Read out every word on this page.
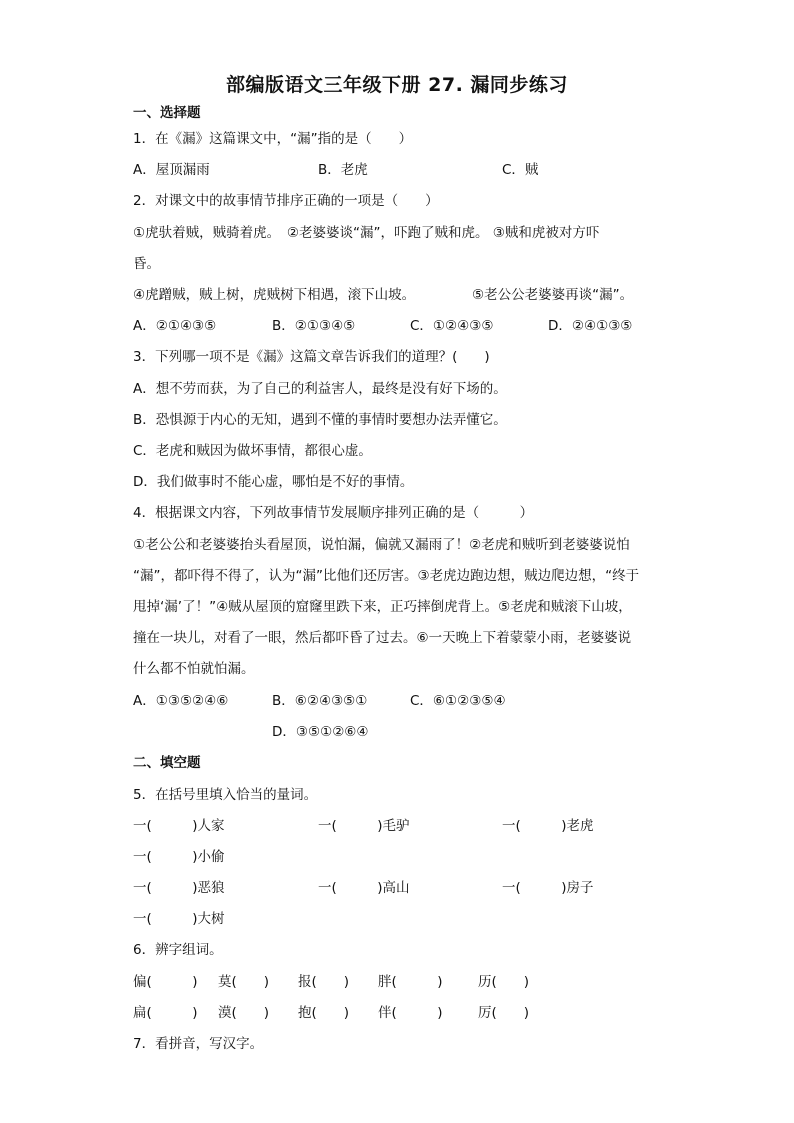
部编版语文三年级下册 27. 漏同步练习
一、选择题
1．在《漏》这篇课文中，“漏”指的是（　　）
A．屋顶漏雨	B．老虎	C．贼
2．对课文中的故事情节排序正确的一项是（　　）
①虎驮着贼，贼骑着虎。　②老婆婆谈“漏”，吓跑了贼和虎。 ③贼和虎被对方吓
昏。
④虎蹭贼，贼上树，虎贼树下相遇，滚下山坡。	⑤老公公老婆婆再谈“漏”。
A．②①④③⑤	B．②①③④⑤	C．①②④③⑤	D．②④①③⑤
3．下列哪一项不是《漏》这篇文章告诉我们的道理？(　　)
A．想不劳而获，为了自己的利益害人，最终是没有好下场的。
B．恐惧源于内心的无知，遇到不懂的事情时要想办法弄懂它。
C．老虎和贼因为做坏事情，都很心虚。
D．我们做事时不能心虚，哪怕是不好的事情。
4．根据课文内容，下列故事情节发展顺序排列正确的是（　　　）
①老公公和老婆婆抬头看屋顶，说怕漏，偏就又漏雨了！②老虎和贼听到老婆婆说怕
“漏”，都吓得不得了，认为“漏”比他们还厉害。③老虎边跑边想，贼边爬边想，“终于
甩掉‘漏’了！”④贼从屋顶的窟窿里跌下来，正巧摔倒虎背上。⑤老虎和贼滚下山坡，
撞在一块儿，对看了一眼，然后都吓昏了过去。⑥一天晚上下着蒙蒙小雨，老婆婆说
什么都不怕就怕漏。
A．①③⑤②④⑥	B．⑥②④③⑤①	C．⑥①②③⑤④
D．③⑤①②⑥④
二、填空题
5．在括号里填入恰当的量词。
一(　　　)人家	一(　　　)毛驴	一(　　　)老虎
一(　　　)小偷
一(　　　)恶狼	一(　　　)高山	一(　　　)房子
一(　　　)大树
6．辨字组词。
偏(　　　) 莫(　　) 报(　　) 胖(　　　)	历(　　)
扁(　　　) 漠(　　) 抱(　　) 伴(　　　)	厉(　　)
7．看拼音，写汉字。
